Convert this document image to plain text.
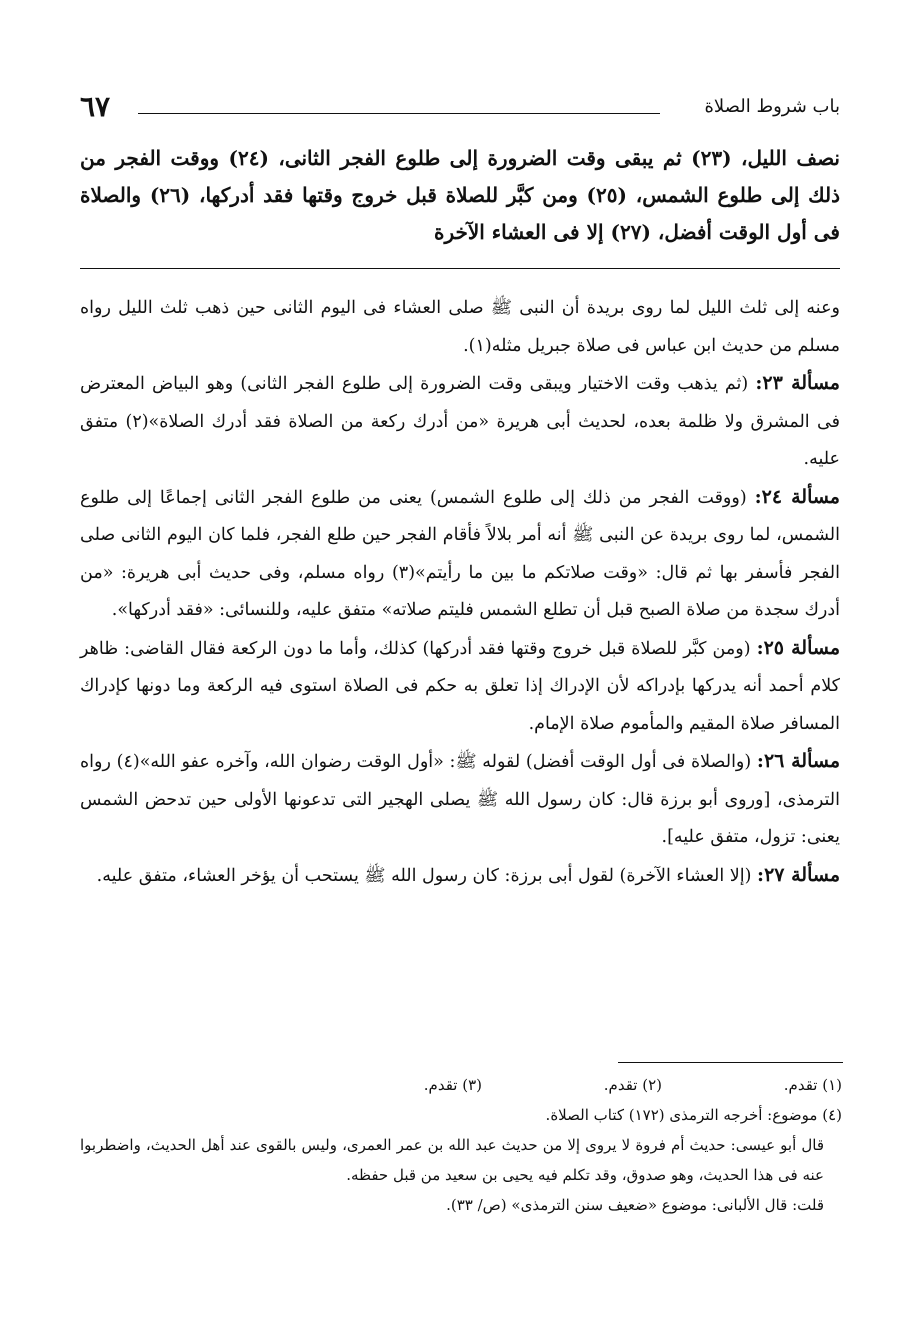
٦٧	باب شروط الصلاة
نصف الليل، (٢٣) ثم يبقى وقت الضرورة إلى طلوع الفجر الثانى، (٢٤) ووقت الفجر من ذلك إلى طلوع الشمس، (٢٥) ومن كبَّر للصلاة قبل خروج وقتها فقد أدركها، (٢٦) والصلاة فى أول الوقت أفضل، (٢٧) إلا فى العشاء الآخرة

وعنه إلى ثلث الليل لما روى بريدة أن النبى ﷺ صلى العشاء فى اليوم الثانى حين ذهب ثلث الليل رواه مسلم من حديث ابن عباس فى صلاة جبريل مثله(١).

مسألة ٢٣: (ثم يذهب وقت الاختيار ويبقى وقت الضرورة إلى طلوع الفجر الثانى) وهو البياض المعترض فى المشرق ولا ظلمة بعده، لحديث أبى هريرة «من أدرك ركعة من الصلاة فقد أدرك الصلاة»(٢) متفق عليه.

مسألة ٢٤: (ووقت الفجر من ذلك إلى طلوع الشمس) يعنى من طلوع الفجر الثانى إجماعًا إلى طلوع الشمس، لما روى بريدة عن النبى ﷺ أنه أمر بلالاً فأقام الفجر حين طلع الفجر، فلما كان اليوم الثانى صلى الفجر فأسفر بها ثم قال: «وقت صلاتكم ما بين ما رأيتم»(٣) رواه مسلم، وفى حديث أبى هريرة: «من أدرك سجدة من صلاة الصبح قبل أن تطلع الشمس فليتم صلاته» متفق عليه، وللنسائى: «فقد أدركها».

مسألة ٢٥: (ومن كبَّر للصلاة قبل خروج وقتها فقد أدركها) كذلك، وأما ما دون الركعة فقال القاضى: ظاهر كلام أحمد أنه يدركها بإدراكه لأن الإدراك إذا تعلق به حكم فى الصلاة استوى فيه الركعة وما دونها كإدراك المسافر صلاة المقيم والمأموم صلاة الإمام.

مسألة ٢٦: (والصلاة فى أول الوقت أفضل) لقوله ﷺ: «أول الوقت رضوان الله، وآخره عفو الله»(٤) رواه الترمذى، [وروى أبو برزة قال: كان رسول الله ﷺ يصلى الهجير التى تدعونها الأولى حين تدحض الشمس يعنى: تزول، متفق عليه].

مسألة ٢٧: (إلا العشاء الآخرة) لقول أبى برزة: كان رسول الله ﷺ يستحب أن يؤخر العشاء، متفق عليه.

(١) تقدم.
(٢) تقدم.
(٣) تقدم.

(٤) موضوع: أخرجه الترمذى (١٧٢) كتاب الصلاة.

قال أبو عيسى: حديث أم فروة لا يروى إلا من حديث عبد الله بن عمر العمرى، وليس بالقوى عند أهل الحديث، واضطربوا عنه فى هذا الحديث، وهو صدوق، وقد تكلم فيه يحيى بن سعيد من قبل حفظه.

قلت: قال الألبانى: موضوع «ضعيف سنن الترمذى» (ص/ ٣٣).
